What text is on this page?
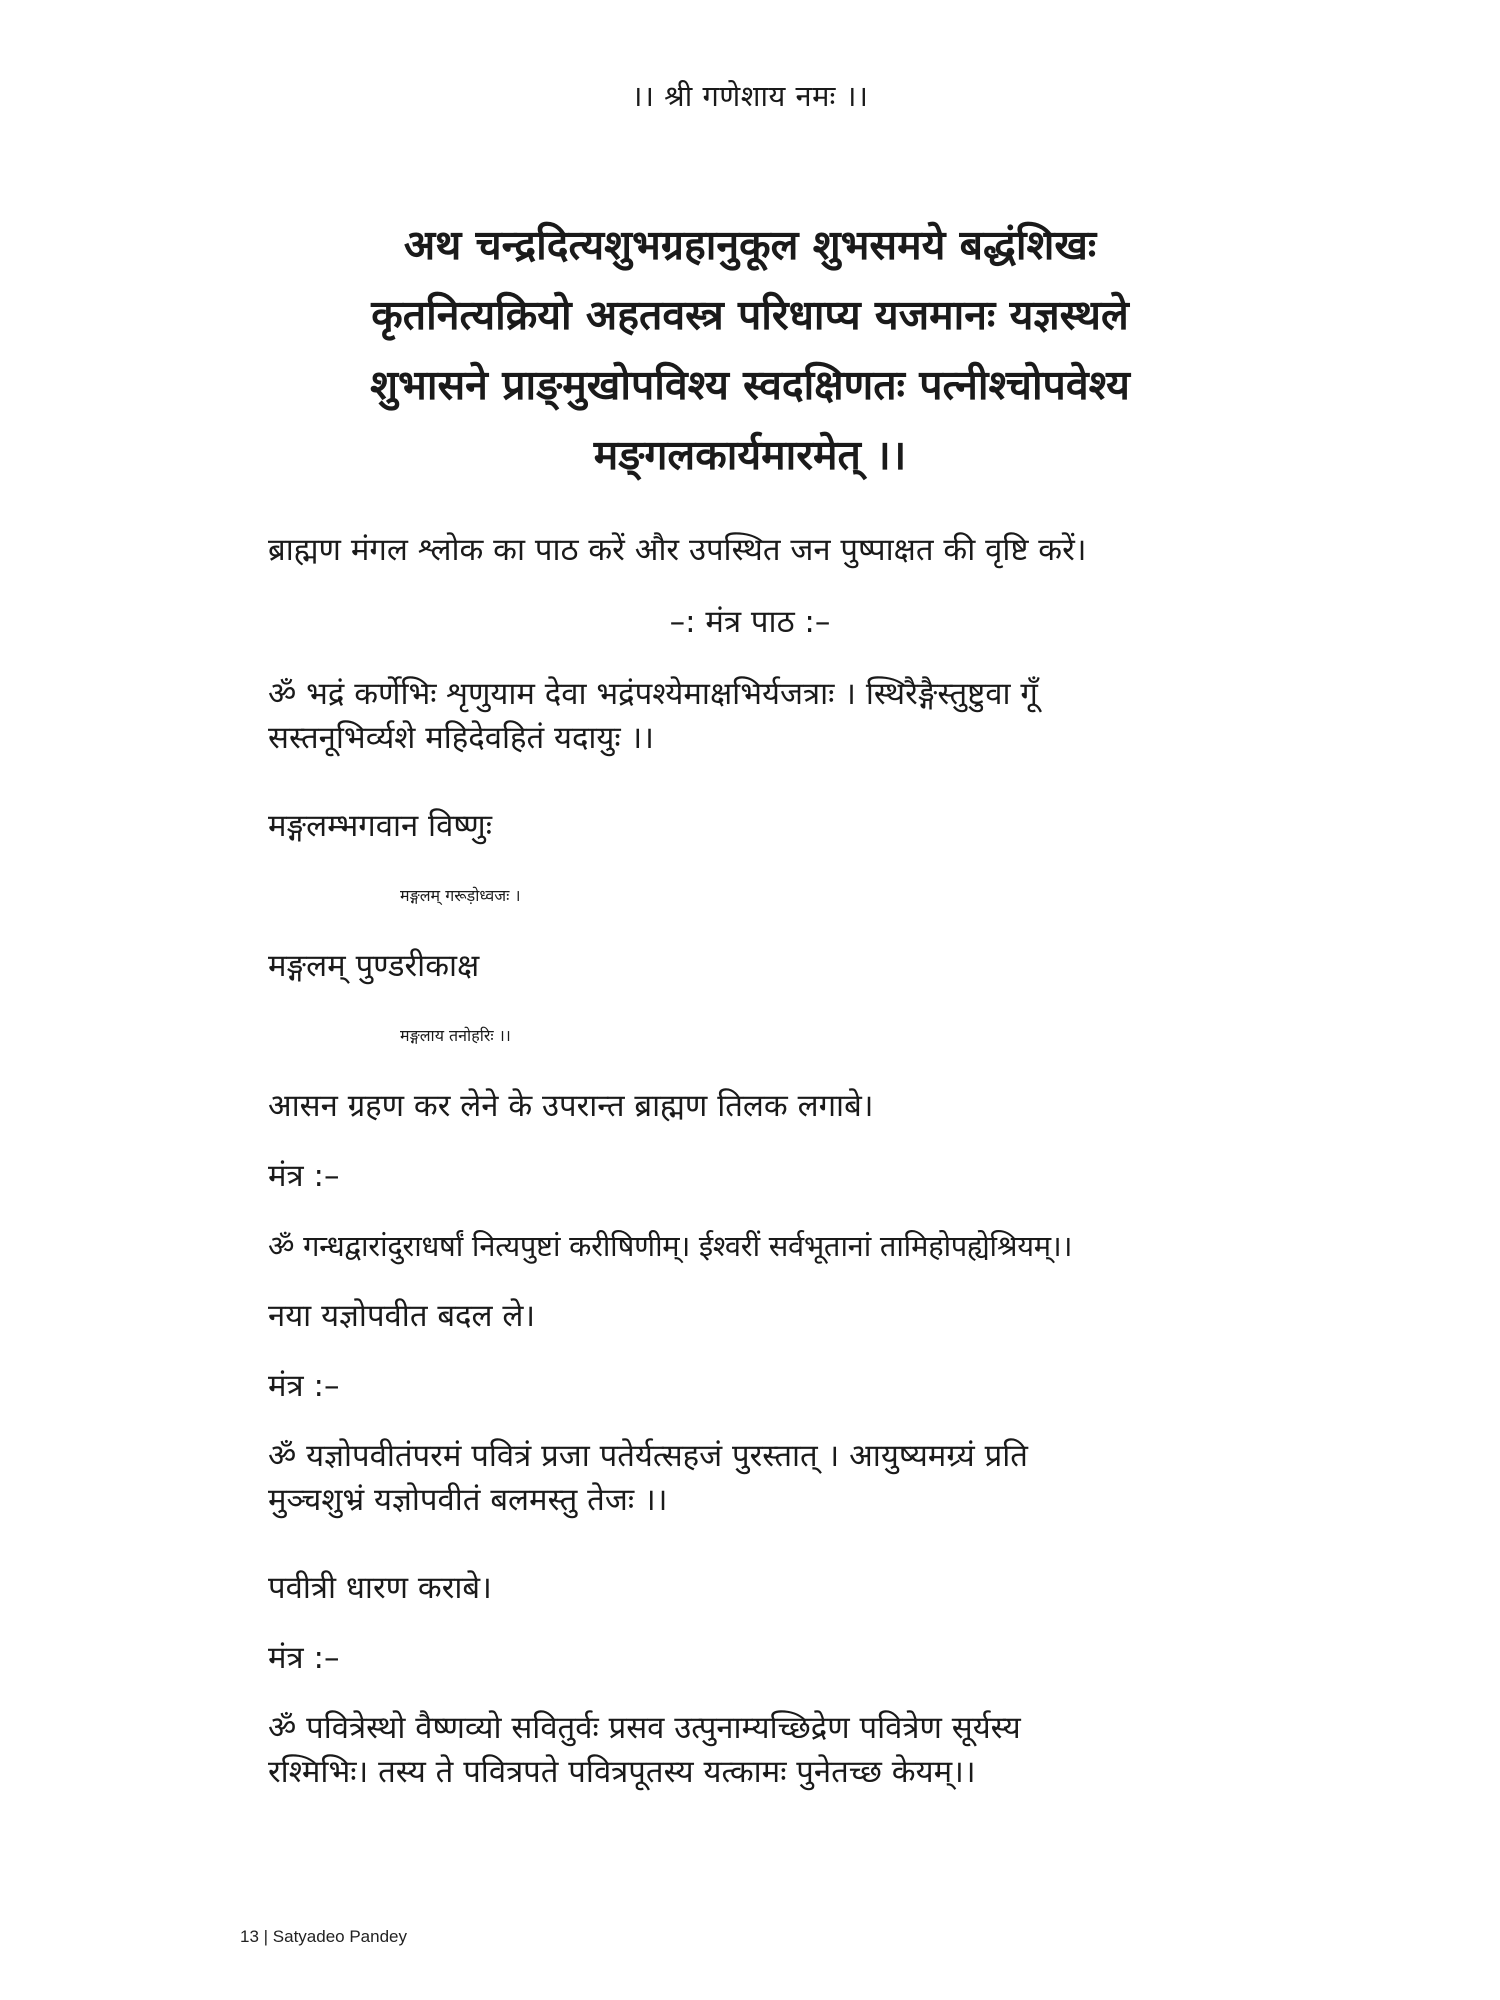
।। श्री गणेशाय नमः ।।
अथ चन्द्रदित्यशुभग्रहानुकूल शुभसमये बद्धंशिखः
कृतनित्यक्रियो अहतवस्त्र परिधाप्य यजमानः यज्ञस्थले
शुभासने प्राङ्‌मुखोपविश्य स्वदक्षिणतः पत्नीश्चोपवेश्य
मङ्‌गलकार्यमारमेत् ।।
ब्राह्मण मंगल श्लोक का पाठ करें और उपस्थित जन पुष्पाक्षत की वृष्टि करें।
–: मंत्र पाठ :–
ॐ भद्रं कर्णेभिः शृणुयाम देवा भद्रंपश्येमाक्षभिर्यजत्राः । स्थिरैङ्गैस्तुष्टुवा गूँ
सस्तनूभिर्व्यशे महिदेवहितं यदायुः ।।
मङ्गलम्भगवान विष्णुः
मङ्गलम् गरूड़ोध्वजः ।
मङ्गलम् पुण्डरीकाक्ष
मङ्गलाय तनोहरिः ।।
आसन ग्रहण कर लेने के उपरान्त ब्राह्मण तिलक लगाबे।
मंत्र :–
ॐ गन्धद्वारांदुराधर्षां नित्यपुष्टां करीषिणीम्। ईश्वरीं सर्वभूतानां तामिहोपह्येश्रियम्।।
नया यज्ञोपवीत बदल ले।
मंत्र :–
ॐ यज्ञोपवीतंपरमं पवित्रं प्रजा पतेर्यत्सहजं पुरस्तात् । आयुष्यमग्र्यं प्रति
मुञ्चशुभ्रं यज्ञोपवीतं बलमस्तु तेजः ।।
पवीत्री धारण कराबे।
मंत्र :–
ॐ पवित्रेस्थो वैष्णव्यो सवितुर्वः प्रसव उत्पुनाम्यच्छिद्रेण पवित्रेण सूर्यस्य
रश्मिभिः। तस्य ते पवित्रपते पवित्रपूतस्य यत्कामः पुनेतच्छ केयम्।।
13 | Satyadeo Pandey
